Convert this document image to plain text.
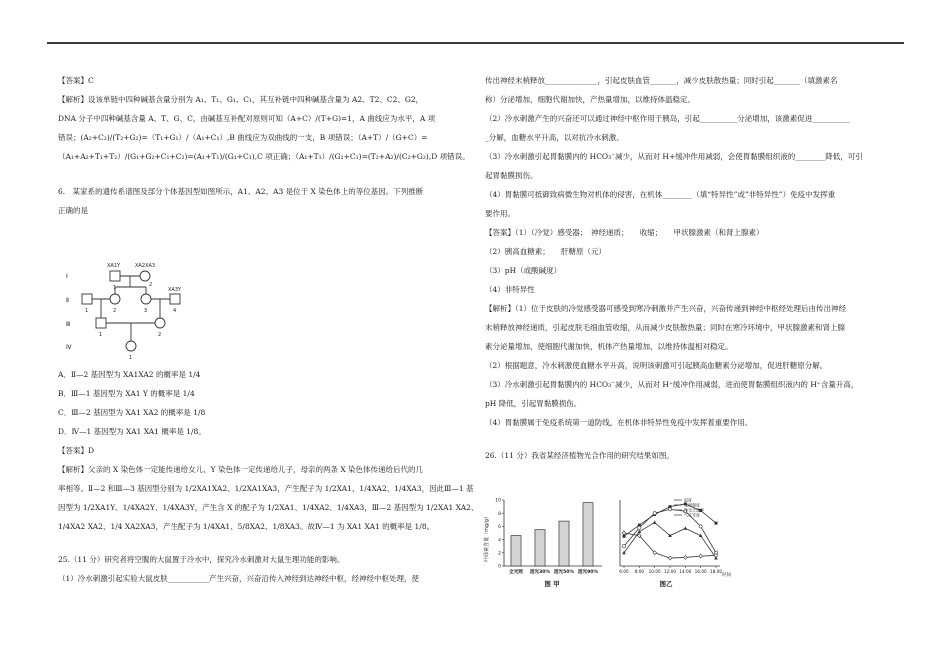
【答案】C

【解析】设该单链中四种碱基含量分别为 A₁、T₁、G₁、C₁，其互补链中四种碱基含量为 A2、T2、C2、G2，

DNA 分子中四种碱基含量 A、T、G、C，由碱基互补配对原则可知（A+C）/(T+G)=1，A 曲线应为水平，A 项

错误；(A₂+C₂)/(T₂+G₂)=（T₁+G₁）/（A₁+C₁）,B 曲线应为双曲线的一支，B 项错误；（A+T）/（G+C）=

（A₁+A₂+T₁+T₂）/(G₁+G₂+C₁+C₂)=(A₁+T₁)/(G₁+C₁),C 项正确；（A₁+T₁）/(G₁+C₁)=(T₂+A₂)/(C₂+G₂),D 项错误。

6.　某家系的遗传系谱图及部分个体基因型如图所示，A1、A2、A3 是位于 X 染色体上的等位基因。下列推断

正确的是

Ⅰ
Ⅱ
Ⅲ
Ⅳ
XA1Y	XA2XA3
XA3Y
1	2
1	2	3	4
1	2
1

A．Ⅱ—2 基因型为 XA1XA2 的概率是 1/4

B．Ⅲ—1 基因型为 XA1 Y 的概率是 1/4

C．Ⅲ—2 基因型为 XA1 XA2 的概率是 1/8

D．Ⅳ—1 基因型为 XA1 XA1 概率是 1/8。

【答案】D

【解析】父亲的 X 染色体一定能传递给女儿、Y 染色体一定传递给儿子，母亲的两条 X 染色体传递给后代的几

率相等。Ⅱ—2 和Ⅲ—3 基因型分别为 1/2XA1XA2、1/2XA1XA3，产生配子为 1/2XA1、1/4XA2、1/4XA3，因此Ⅲ—1 基

因型为 1/2XA1Y、1/4XA2Y、1/4XA3Y，产生含 X 的配子为 1/2XA1、1/4XA2、1/4XA3，Ⅲ—2 基因型为 1/2XA1 XA2、

1/4XA2 XA2、1/4 XA2XA3，产生配子为 1/4XA1、5/8XA2、1/8XA3。故Ⅳ—1 为 XA1 XA1 的概率是 1/8。

25.（11 分）研究者将空腹的大鼠置于冷水中，探究冷水刺激对大鼠生理功能的影响。

（1）冷水刺激引起实验大鼠皮肤___________产生兴奋，兴奋沿传入神经到达神经中枢，经神经中枢处理，使

传出神经末梢释放______________，引起皮肤血管_______，减少皮肤散热量；同时引起_______（填激素名

称）分泌增加，细胞代谢加快，产热量增加，以维持体温稳定。

（2）冷水刺激产生的兴奋还可以通过神经中枢作用于胰岛，引起__________分泌增加，该激素促进__________

_分解，血糖水平升高，以对抗冷水刺激。

（3）冷水刺激引起胃黏膜内的 HCO₃⁻减少，从而对 H+缓冲作用减弱，会使胃黏膜组织液的________降低，可引

起胃黏膜损伤。

（4）胃黏膜可抵御致病微生物对机体的侵害，在机体________（填“特异性”或”非特异性”）免疫中发挥重

要作用。

【答案】（1）（冷觉）感受器；　神经递质；　　收缩；　　甲状腺激素（和肾上腺素）

（2）胰高血糖素；　　肝糖原（元）

（3）pH（或酸碱度）

（4）非特异性

【解析】（1）位于皮肤的冷觉感受器可感受到寒冷刺激并产生兴奋，兴奋传递到神经中枢经处理后由传出神经

末梢释放神经递质，引起皮肤毛细血管收缩，从而减少皮肤散热量；同时在寒冷环境中，甲状腺激素和肾上腺

素分泌量增加，使细胞代谢加快，机体产热量增加，以维持体温相对稳定。

（2）根据题意，冷水刺激使血糖水平升高，说明该刺激可引起胰高血糖素分泌增加，促进肝糖原分解。

（3）冷水刺激引起胃黏膜内的 HCO₃⁻减少，从而对 H⁺缓冲作用减弱，进而使胃黏膜组织液内的 H⁺含量升高，

pH 降低，引起胃黏膜损伤。

（4）胃黏膜属于免疫系统第一道防线，在机体非特异性免疫中发挥着重要作用。

26.（11 分）我省某经济植物光合作用的研究结果如图。

叶绿素含量（mg/g）
0
2
4
6
8
10
全光照 遮光30% 遮光50% 遮光90%
图 甲
6:00 8:00 10:00 12:00 14:00 16:00 18:00
温度
光照强度
净光合速率
气孔导度
时间
图乙
